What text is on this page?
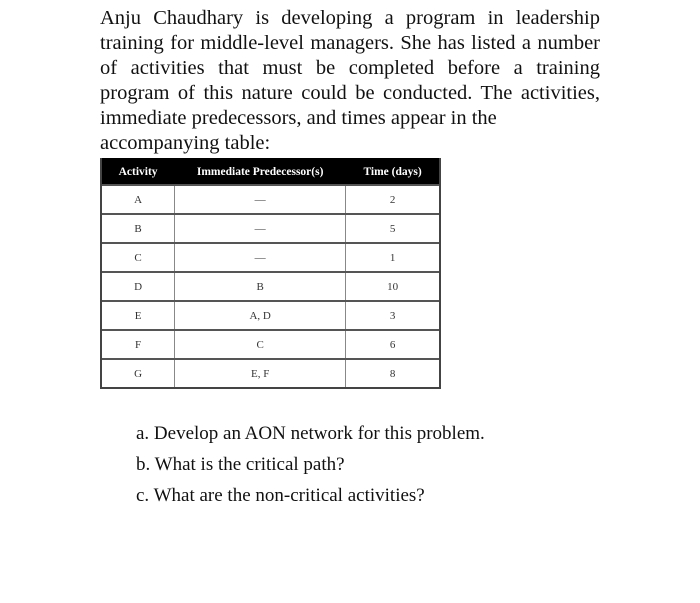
Anju Chaudhary is developing a program in leadership training for middle-level managers. She has listed a number of activities that must be completed before a training program of this nature could be conducted. The activities, immediate predecessors, and times appear in the
accompanying table:

Activity	Immediate Predecessor(s)	Time (days)
A	—	2
B	—	5
C	—	1
D	B	10
E	A, D	3
F	C	6
G	E, F	8
a. Develop an AON network for this problem.
b. What is the critical path?
c. What are the non-critical activities?
